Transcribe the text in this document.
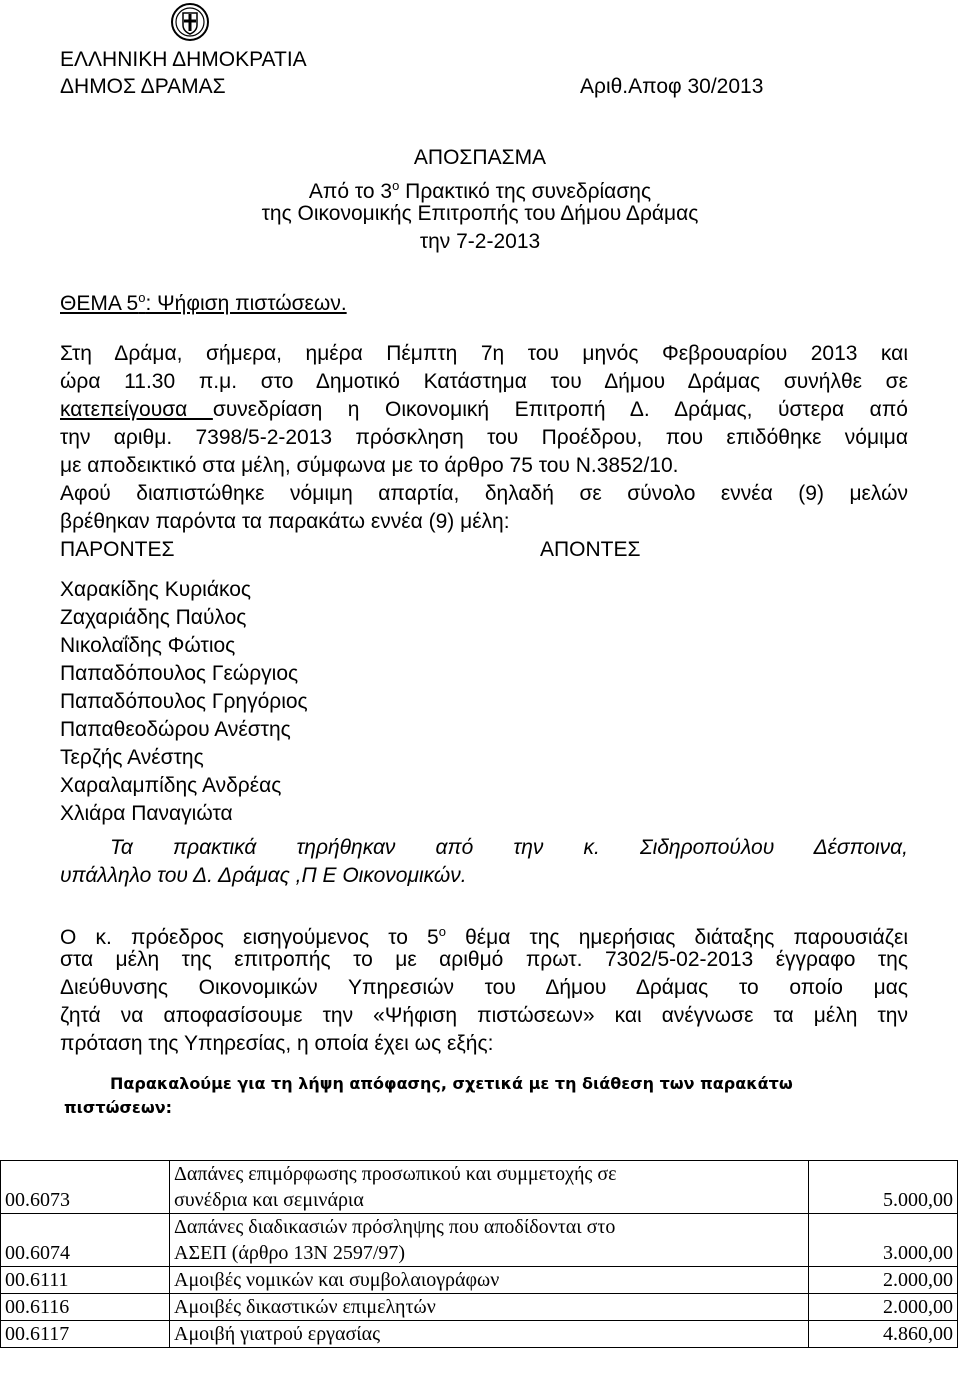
ΕΛΛΗΝΙΚΗ ΔΗΜΟΚΡΑΤΙΑ
ΔΗΜΟΣ ΔΡΑΜΑΣ	Αριθ.Αποφ 30/2013
ΑΠΟΣΠΑΣΜΑ
Από το $3^o$ Πρακτικό της συνεδρίασης
της Οικονομικής Επιτροπής του Δήμου Δράμας
την 7-2-2013
ΘΕΜΑ $5^o$: Ψήφιση πιστώσεων.
Στη Δράμα, σήμερα, ημέρα Πέμπτη 7η του μηνός Φεβρουαρίου 2013 και
ώρα 11.30 π.μ. στο Δημοτικό Κατάστημα του Δήμου Δράμας συνήλθε σε
κατεπείγουσα συνεδρίαση η Οικονομική Επιτροπή Δ. Δράμας, ύστερα από
την αριθμ. 7398/5-2-2013 πρόσκληση του Προέδρου, που επιδόθηκε νόμιμα
με αποδεικτικό στα μέλη, σύμφωνα με το άρθρο 75 του Ν.3852/10.
Αφού διαπιστώθηκε νόμιμη απαρτία, δηλαδή σε σύνολο εννέα (9) μελών
βρέθηκαν παρόντα τα παρακάτω εννέα (9) μέλη:
ΠΑΡΟΝΤΕΣ	ΑΠΟΝΤΕΣ
Χαρακίδης Κυριάκος
Ζαχαριάδης Παύλος
Νικολαΐδης Φώτιος
Παπαδόπουλος Γεώργιος
Παπαδόπουλος Γρηγόριος
Παπαθεοδώρου Ανέστης
Τερζής Ανέστης
Χαραλαμπίδης Ανδρέας
Χλιάρα Παναγιώτα
Τα πρακτικά τηρήθηκαν από την κ. Σιδηροπούλου Δέσποινα,
υπάλληλο του Δ. Δράμας ,Π Ε Οικονομικών.
Ο κ. πρόεδρος εισηγούμενος το $5^o$ θέμα της ημερήσιας διάταξης παρουσιάζει
στα μέλη της επιτροπής το με αριθμό πρωτ. 7302/5-02-2013 έγγραφο της
Διεύθυνσης Οικονομικών Υπηρεσιών του Δήμου Δράμας το οποίο μας
ζητά να αποφασίσουμε την «Ψήφιση πιστώσεων» και ανέγνωσε τα μέλη την
πρόταση της Υπηρεσίας, η οποία έχει ως εξής:
Παρακαλούμε για τη λήψη απόφασης, σχετικά με τη διάθεση των παρακάτω
πιστώσεων:
00.6073	Δαπάνες επιμόρφωσης προσωπικού και συμμετοχής σε
συνέδρια και σεμινάρια	5.000,00
00.6074	Δαπάνες διαδικασιών πρόσληψης που αποδίδονται στο
ΑΣΕΠ (άρθρο 13Ν 2597/97)	3.000,00
00.6111	Αμοιβές νομικών και συμβολαιογράφων	2.000,00
00.6116	Αμοιβές δικαστικών επιμελητών	2.000,00
00.6117	Αμοιβή γιατρού εργασίας	4.860,00
